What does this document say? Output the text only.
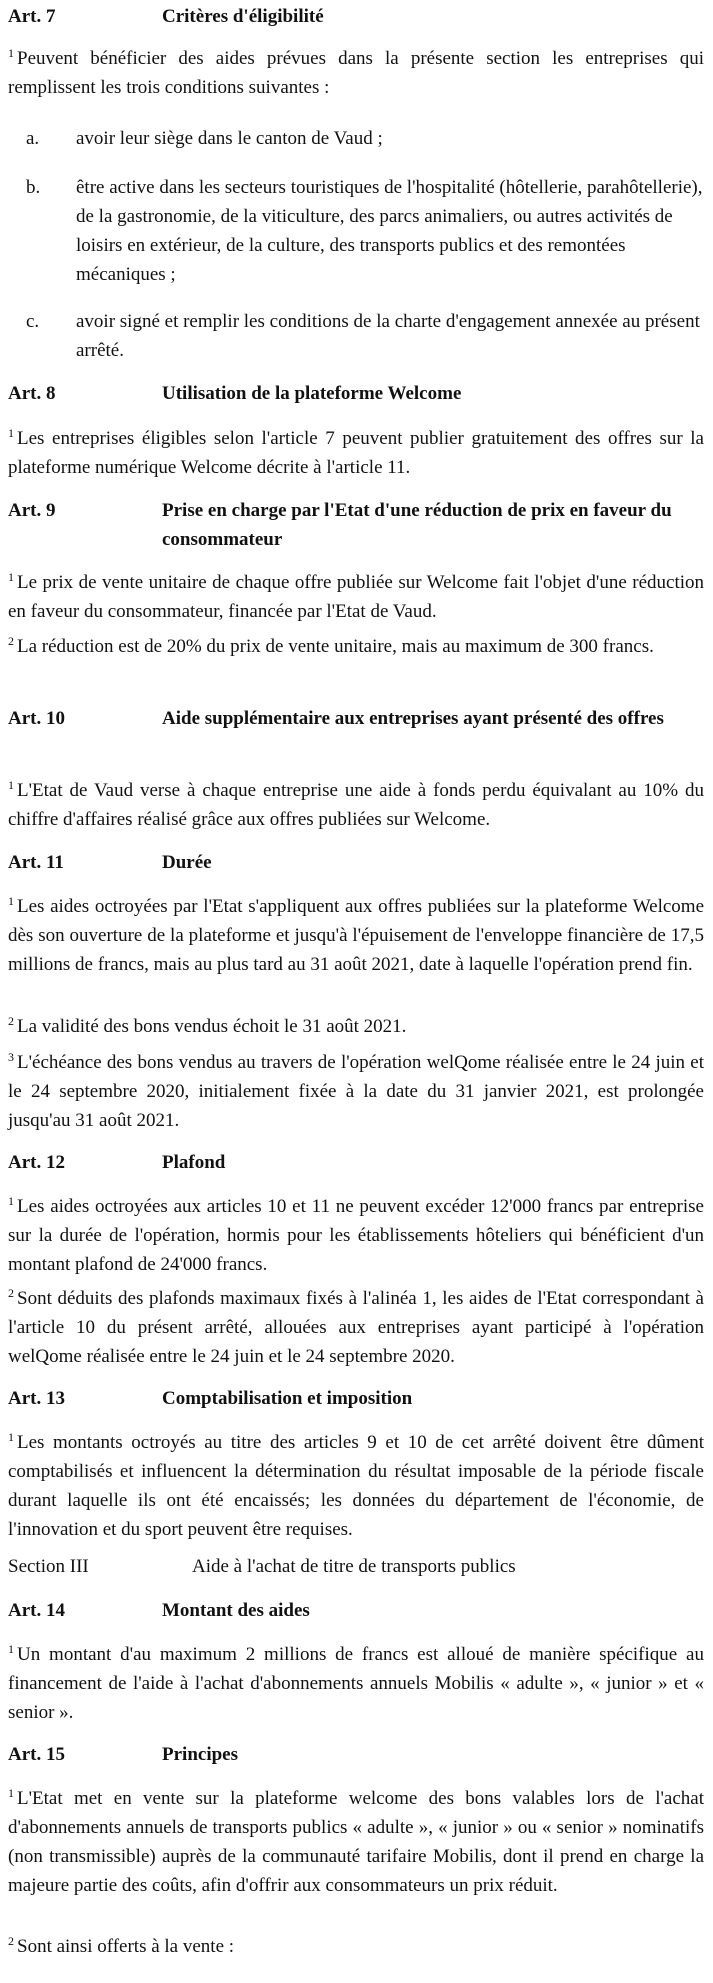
Art. 7	Critères d'éligibilité

$^1$ Peuvent bénéficier des aides prévues dans la présente section les entreprises qui remplissent les trois conditions suivantes :

a. avoir leur siège dans le canton de Vaud ;
b. être active dans les secteurs touristiques de l'hospitalité (hôtellerie, parahôtellerie), de la gastronomie, de la viticulture, des parcs animaliers, ou autres activités de loisirs en extérieur, de la culture, des transports publics et des remontées mécaniques ;
c. avoir signé et remplir les conditions de la charte d'engagement annexée au présent arrêté.
Art. 8	Utilisation de la plateforme Welcome

$^1$ Les entreprises éligibles selon l'article 7 peuvent publier gratuitement des offres sur la plateforme numérique Welcome décrite à l'article 11.

Art. 9	Prise en charge par l'Etat d'une réduction de prix en faveur du consommateur

$^1$ Le prix de vente unitaire de chaque offre publiée sur Welcome fait l'objet d'une réduction en faveur du consommateur, financée par l'Etat de Vaud.

$^2$ La réduction est de 20% du prix de vente unitaire, mais au maximum de 300 francs.

Art. 10	Aide supplémentaire aux entreprises ayant présenté des offres

$^1$ L'Etat de Vaud verse à chaque entreprise une aide à fonds perdu équivalant au 10% du chiffre d'affaires réalisé grâce aux offres publiées sur Welcome.

Art. 11	Durée

$^1$ Les aides octroyées par l'Etat s'appliquent aux offres publiées sur la plateforme Welcome dès son ouverture de la plateforme et jusqu'à l'épuisement de l'enveloppe financière de 17,5 millions de francs, mais au plus tard au 31 août 2021, date à laquelle l'opération prend fin.

$^2$ La validité des bons vendus échoit le 31 août 2021.

$^3$ L'échéance des bons vendus au travers de l'opération welQome réalisée entre le 24 juin et le 24 septembre 2020, initialement fixée à la date du 31 janvier 2021, est prolongée jusqu'au 31 août 2021.

Art. 12	Plafond

$^1$ Les aides octroyées aux articles 10 et 11 ne peuvent excéder 12'000 francs par entreprise sur la durée de l'opération, hormis pour les établissements hôteliers qui bénéficient d'un montant plafond de 24'000 francs.

$^2$ Sont déduits des plafonds maximaux fixés à l'alinéa 1, les aides de l'Etat correspondant à l'article 10 du présent arrêté, allouées aux entreprises ayant participé à l'opération welQome réalisée entre le 24 juin et le 24 septembre 2020.

Art. 13	Comptabilisation et imposition

$^1$ Les montants octroyés au titre des articles 9 et 10 de cet arrêté doivent être dûment comptabilisés et influencent la détermination du résultat imposable de la période fiscale durant laquelle ils ont été encaissés; les données du département de l'économie, de l'innovation et du sport peuvent être requises.

Section III	Aide à l'achat de titre de transports publics
Art. 14	Montant des aides

$^1$ Un montant d'au maximum 2 millions de francs est alloué de manière spécifique au financement de l'aide à l'achat d'abonnements annuels Mobilis « adulte », « junior » et « senior ».

Art. 15	Principes

$^1$ L'Etat met en vente sur la plateforme welcome des bons valables lors de l'achat d'abonnements annuels de transports publics « adulte », « junior » ou « senior » nominatifs (non transmissible) auprès de la communauté tarifaire Mobilis, dont il prend en charge la majeure partie des coûts, afin d'offrir aux consommateurs un prix réduit.

$^2$ Sont ainsi offerts à la vente :
